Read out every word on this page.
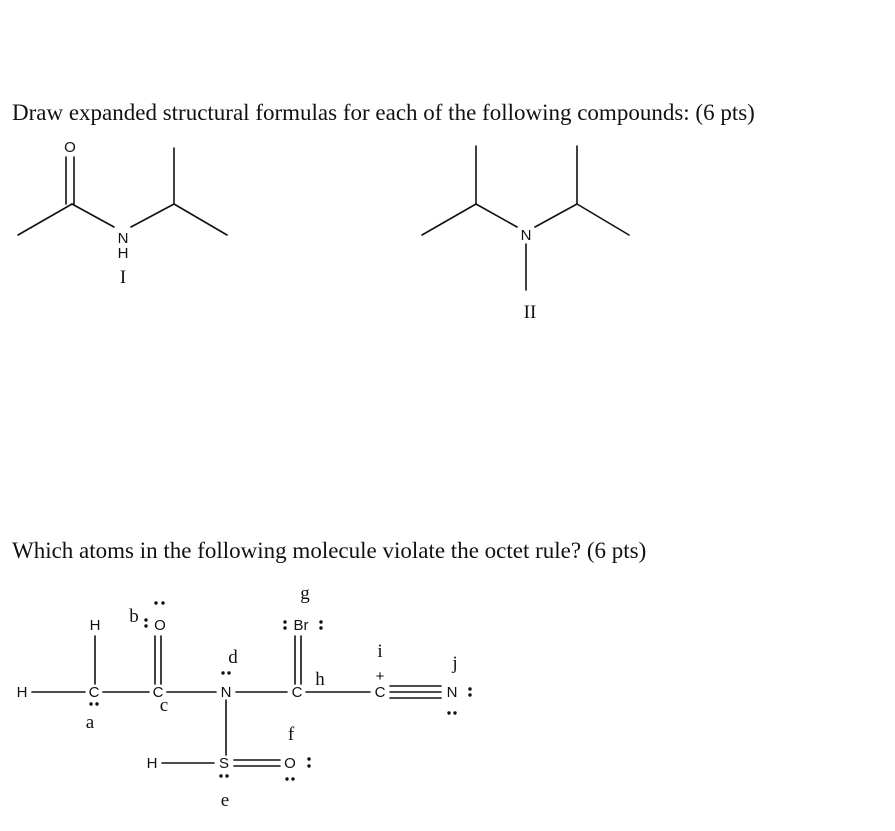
Draw expanded structural formulas for each of the following compounds: (6 pts)
Which atoms in the following molecule violate the octet rule? (6 pts)
O
N
H
I
N
II
H
H
C
O
C	N
H	S	O
Br
C	C
+
N
a
b
c
d
e
f
g
h
i
j
